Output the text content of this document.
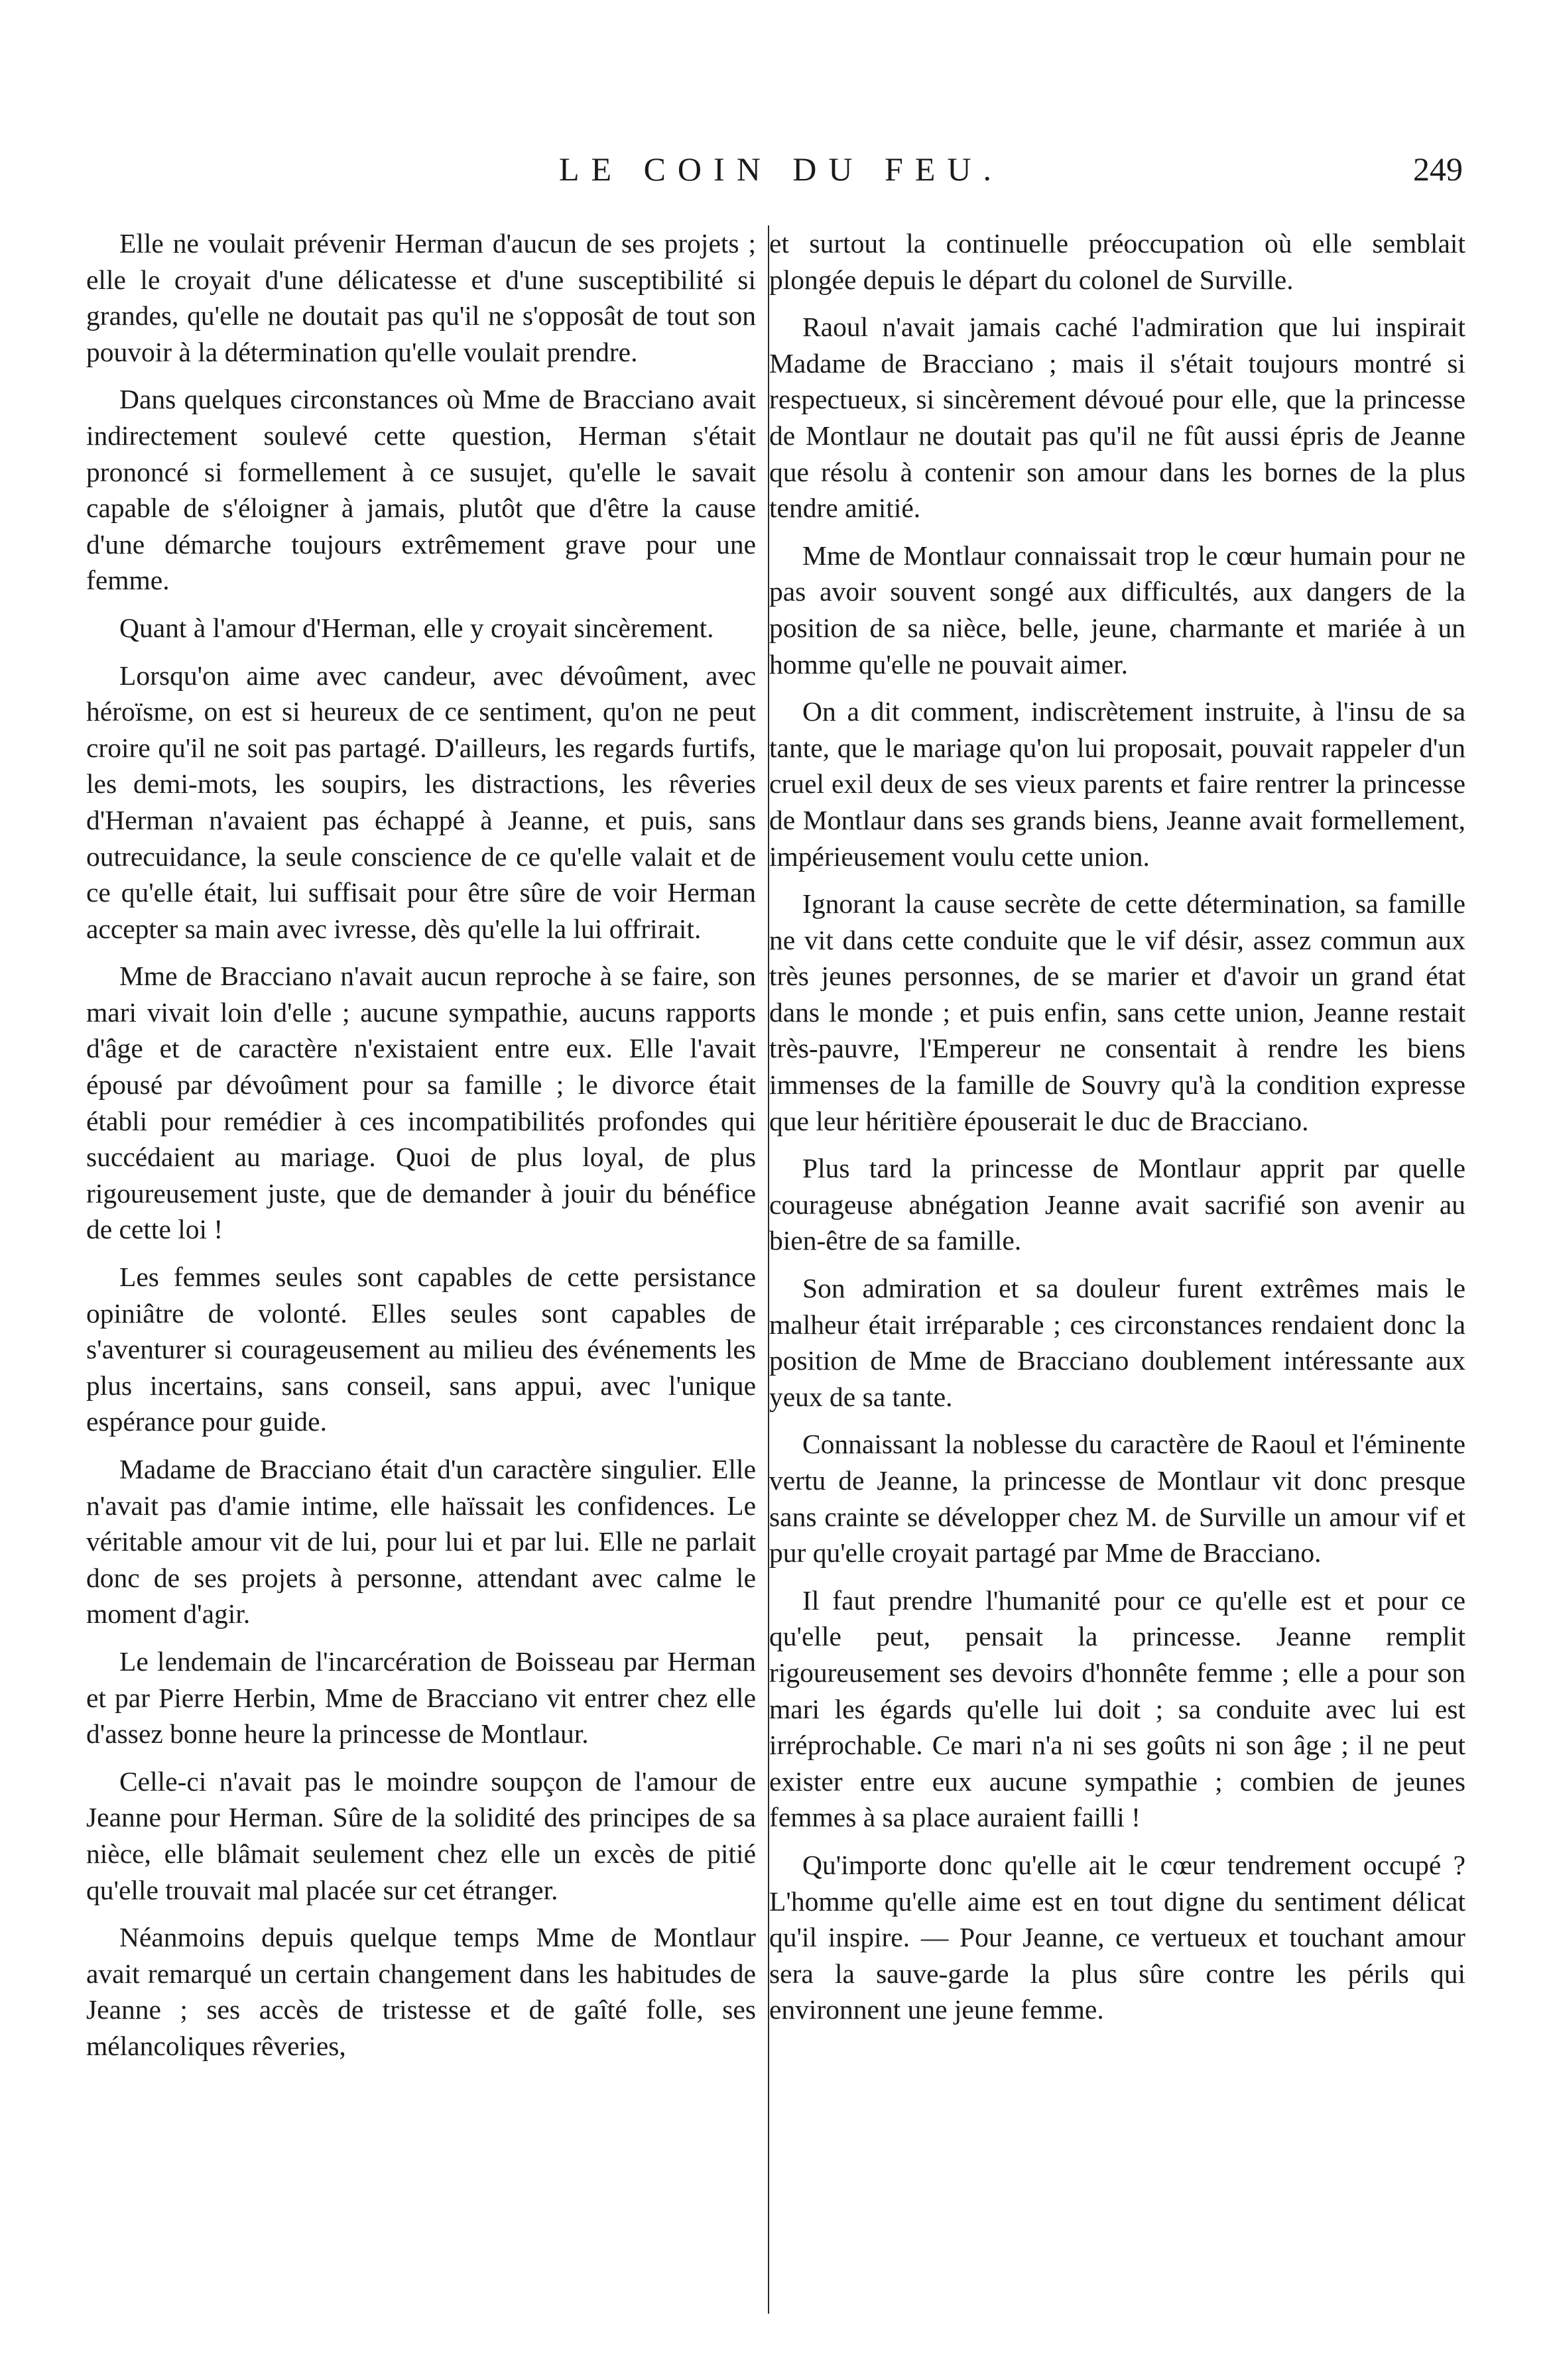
LE COIN DU FEU.	249

Elle ne voulait prévenir Herman d'aucun de ses projets ; elle le croyait d'une délicatesse et d'une susceptibilité si grandes, qu'elle ne doutait pas qu'il ne s'opposât de tout son pouvoir à la détermination qu'elle voulait prendre.

Dans quelques circonstances où Mme de Bracciano avait indirectement soulevé cette question, Herman s'était prononcé si formellement à ce susujet, qu'elle le savait capable de s'éloigner à jamais, plutôt que d'être la cause d'une démarche toujours extrêmement grave pour une femme.

Quant à l'amour d'Herman, elle y croyait sincèrement.

Lorsqu'on aime avec candeur, avec dévoûment, avec héroïsme, on est si heureux de ce sentiment, qu'on ne peut croire qu'il ne soit pas partagé. D'ailleurs, les regards furtifs, les demi-mots, les soupirs, les distractions, les rêveries d'Herman n'avaient pas échappé à Jeanne, et puis, sans outrecuidance, la seule conscience de ce qu'elle valait et de ce qu'elle était, lui suffisait pour être sûre de voir Herman accepter sa main avec ivresse, dès qu'elle la lui offrirait.

Mme de Bracciano n'avait aucun reproche à se faire, son mari vivait loin d'elle ; aucune sympathie, aucuns rapports d'âge et de caractère n'existaient entre eux. Elle l'avait épousé par dévoûment pour sa famille ; le divorce était établi pour remédier à ces incompatibilités profondes qui succédaient au mariage. Quoi de plus loyal, de plus rigoureusement juste, que de demander à jouir du bénéfice de cette loi !

Les femmes seules sont capables de cette persistance opiniâtre de volonté. Elles seules sont capables de s'aventurer si courageusement au milieu des événements les plus incertains, sans conseil, sans appui, avec l'unique espérance pour guide.

Madame de Bracciano était d'un caractère singulier. Elle n'avait pas d'amie intime, elle haïssait les confidences. Le véritable amour vit de lui, pour lui et par lui. Elle ne parlait donc de ses projets à personne, attendant avec calme le moment d'agir.

Le lendemain de l'incarcération de Boisseau par Herman et par Pierre Herbin, Mme de Bracciano vit entrer chez elle d'assez bonne heure la princesse de Montlaur.

Celle-ci n'avait pas le moindre soupçon de l'amour de Jeanne pour Herman. Sûre de la solidité des principes de sa nièce, elle blâmait seulement chez elle un excès de pitié qu'elle trouvait mal placée sur cet étranger.

Néanmoins depuis quelque temps Mme de Montlaur avait remarqué un certain changement dans les habitudes de Jeanne ; ses accès de tristesse et de gaîté folle, ses mélancoliques rêveries,

et surtout la continuelle préoccupation où elle semblait plongée depuis le départ du colonel de Surville.

Raoul n'avait jamais caché l'admiration que lui inspirait Madame de Bracciano ; mais il s'était toujours montré si respectueux, si sincèrement dévoué pour elle, que la princesse de Montlaur ne doutait pas qu'il ne fût aussi épris de Jeanne que résolu à contenir son amour dans les bornes de la plus tendre amitié.

Mme de Montlaur connaissait trop le cœur humain pour ne pas avoir souvent songé aux difficultés, aux dangers de la position de sa nièce, belle, jeune, charmante et mariée à un homme qu'elle ne pouvait aimer.

On a dit comment, indiscrètement instruite, à l'insu de sa tante, que le mariage qu'on lui proposait, pouvait rappeler d'un cruel exil deux de ses vieux parents et faire rentrer la princesse de Montlaur dans ses grands biens, Jeanne avait formellement, impérieusement voulu cette union.

Ignorant la cause secrète de cette détermination, sa famille ne vit dans cette conduite que le vif désir, assez commun aux très jeunes personnes, de se marier et d'avoir un grand état dans le monde ; et puis enfin, sans cette union, Jeanne restait très-pauvre, l'Empereur ne consentait à rendre les biens immenses de la famille de Souvry qu'à la condition expresse que leur héritière épouserait le duc de Bracciano.

Plus tard la princesse de Montlaur apprit par quelle courageuse abnégation Jeanne avait sacrifié son avenir au bien-être de sa famille.

Son admiration et sa douleur furent extrêmes mais le malheur était irréparable ; ces circonstances rendaient donc la position de Mme de Bracciano doublement intéressante aux yeux de sa tante.

Connaissant la noblesse du caractère de Raoul et l'éminente vertu de Jeanne, la princesse de Montlaur vit donc presque sans crainte se développer chez M. de Surville un amour vif et pur qu'elle croyait partagé par Mme de Bracciano.

Il faut prendre l'humanité pour ce qu'elle est et pour ce qu'elle peut, pensait la princesse. Jeanne remplit rigoureusement ses devoirs d'honnête femme ; elle a pour son mari les égards qu'elle lui doit ; sa conduite avec lui est irréprochable. Ce mari n'a ni ses goûts ni son âge ; il ne peut exister entre eux aucune sympathie ; combien de jeunes femmes à sa place auraient failli !

Qu'importe donc qu'elle ait le cœur tendrement occupé ? L'homme qu'elle aime est en tout digne du sentiment délicat qu'il inspire. — Pour Jeanne, ce vertueux et touchant amour sera la sauve-garde la plus sûre contre les périls qui environnent une jeune femme.
